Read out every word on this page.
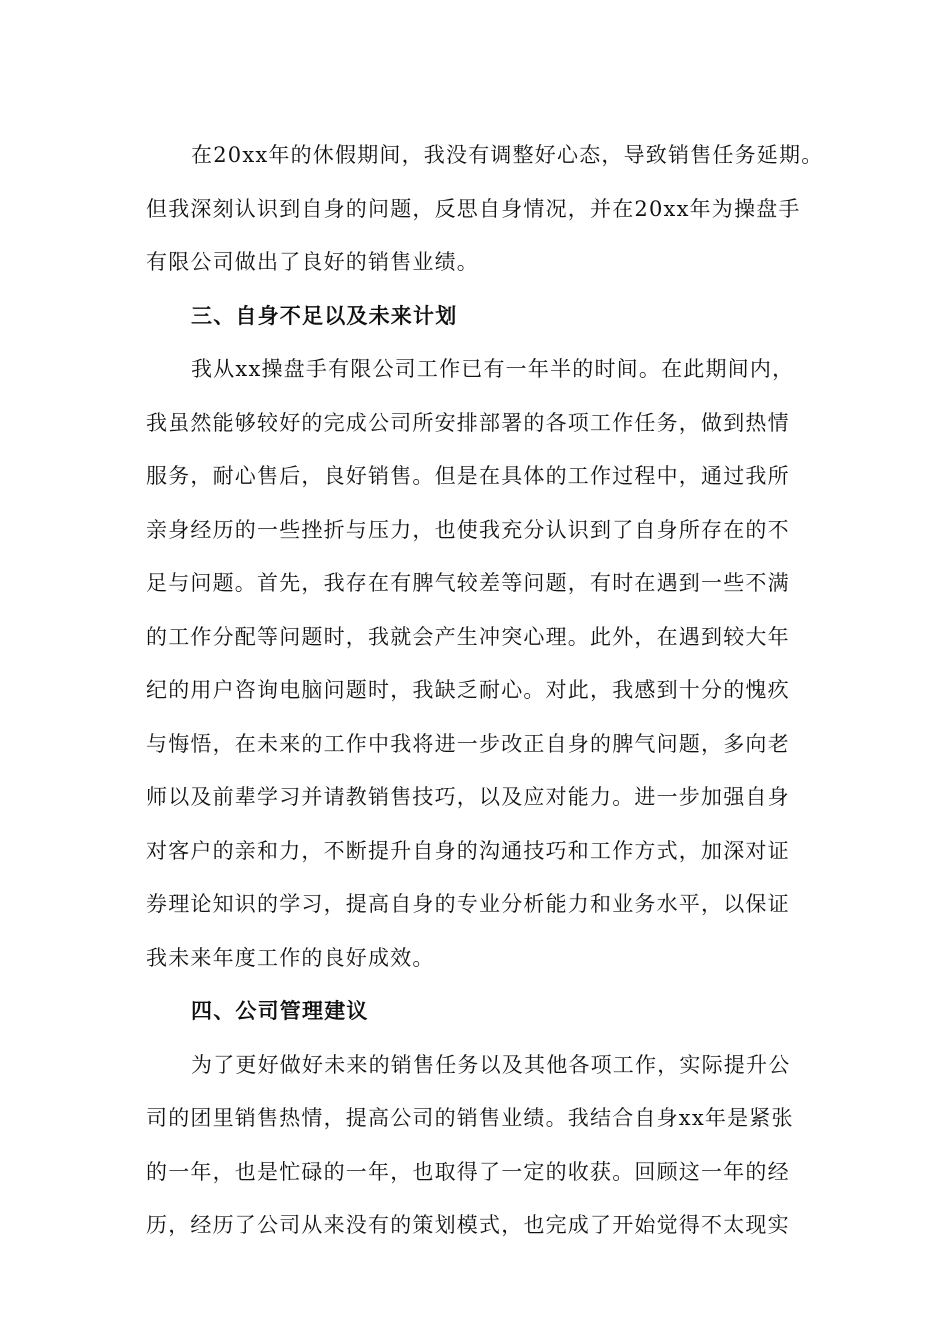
在20xx年的休假期间，我没有调整好心态，导致销售任务延期。
但我深刻认识到自身的问题，反思自身情况，并在20xx年为操盘手
有限公司做出了良好的销售业绩。
三、自身不足以及未来计划
我从xx操盘手有限公司工作已有一年半的时间。在此期间内，
我虽然能够较好的完成公司所安排部署的各项工作任务，做到热情
服务，耐心售后，良好销售。但是在具体的工作过程中，通过我所
亲身经历的一些挫折与压力，也使我充分认识到了自身所存在的不
足与问题。首先，我存在有脾气较差等问题，有时在遇到一些不满
的工作分配等问题时，我就会产生冲突心理。此外，在遇到较大年
纪的用户咨询电脑问题时，我缺乏耐心。对此，我感到十分的愧疚
与悔悟，在未来的工作中我将进一步改正自身的脾气问题，多向老
师以及前辈学习并请教销售技巧，以及应对能力。进一步加强自身
对客户的亲和力，不断提升自身的沟通技巧和工作方式，加深对证
券理论知识的学习，提高自身的专业分析能力和业务水平，以保证
我未来年度工作的良好成效。
四、公司管理建议
为了更好做好未来的销售任务以及其他各项工作，实际提升公
司的团里销售热情，提高公司的销售业绩。我结合自身xx年是紧张
的一年，也是忙碌的一年，也取得了一定的收获。回顾这一年的经
历，经历了公司从来没有的策划模式，也完成了开始觉得不太现实
